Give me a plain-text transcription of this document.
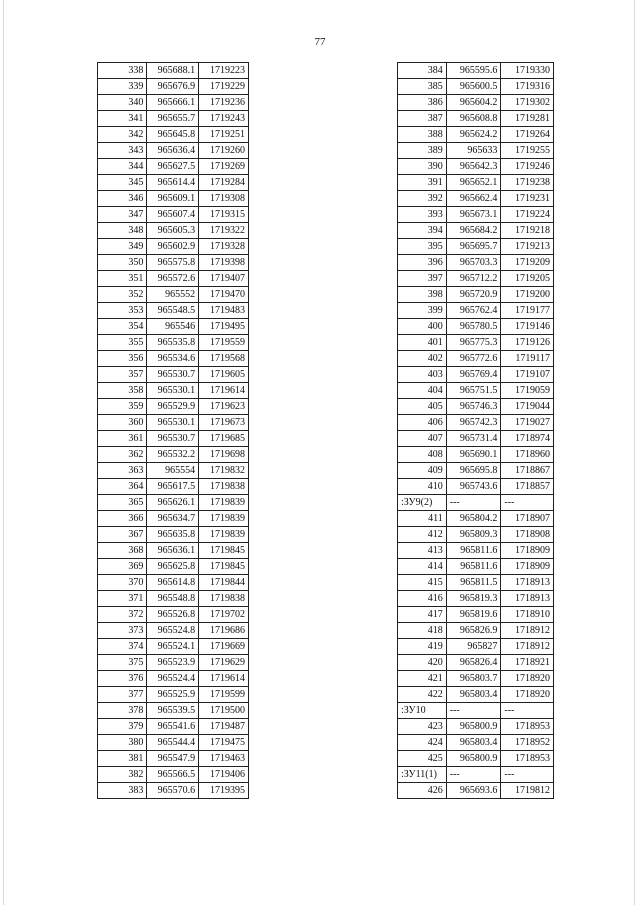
77
338	965688.1	1719223
339	965676.9	1719229
340	965666.1	1719236
341	965655.7	1719243
342	965645.8	1719251
343	965636.4	1719260
344	965627.5	1719269
345	965614.4	1719284
346	965609.1	1719308
347	965607.4	1719315
348	965605.3	1719322
349	965602.9	1719328
350	965575.8	1719398
351	965572.6	1719407
352	965552	1719470
353	965548.5	1719483
354	965546	1719495
355	965535.8	1719559
356	965534.6	1719568
357	965530.7	1719605
358	965530.1	1719614
359	965529.9	1719623
360	965530.1	1719673
361	965530.7	1719685
362	965532.2	1719698
363	965554	1719832
364	965617.5	1719838
365	965626.1	1719839
366	965634.7	1719839
367	965635.8	1719839
368	965636.1	1719845
369	965625.8	1719845
370	965614.8	1719844
371	965548.8	1719838
372	965526.8	1719702
373	965524.8	1719686
374	965524.1	1719669
375	965523.9	1719629
376	965524.4	1719614
377	965525.9	1719599
378	965539.5	1719500
379	965541.6	1719487
380	965544.4	1719475
381	965547.9	1719463
382	965566.5	1719406
383	965570.6	1719395
384	965595.6	1719330
385	965600.5	1719316
386	965604.2	1719302
387	965608.8	1719281
388	965624.2	1719264
389	965633	1719255
390	965642.3	1719246
391	965652.1	1719238
392	965662.4	1719231
393	965673.1	1719224
394	965684.2	1719218
395	965695.7	1719213
396	965703.3	1719209
397	965712.2	1719205
398	965720.9	1719200
399	965762.4	1719177
400	965780.5	1719146
401	965775.3	1719126
402	965772.6	1719117
403	965769.4	1719107
404	965751.5	1719059
405	965746.3	1719044
406	965742.3	1719027
407	965731.4	1718974
408	965690.1	1718960
409	965695.8	1718867
410	965743.6	1718857
:ЗУ9(2)	---	---
411	965804.2	1718907
412	965809.3	1718908
413	965811.6	1718909
414	965811.6	1718909
415	965811.5	1718913
416	965819.3	1718913
417	965819.6	1718910
418	965826.9	1718912
419	965827	1718912
420	965826.4	1718921
421	965803.7	1718920
422	965803.4	1718920
:ЗУ10	---	---
423	965800.9	1718953
424	965803.4	1718952
425	965800.9	1718953
:ЗУ11(1)	---	---
426	965693.6	1719812
